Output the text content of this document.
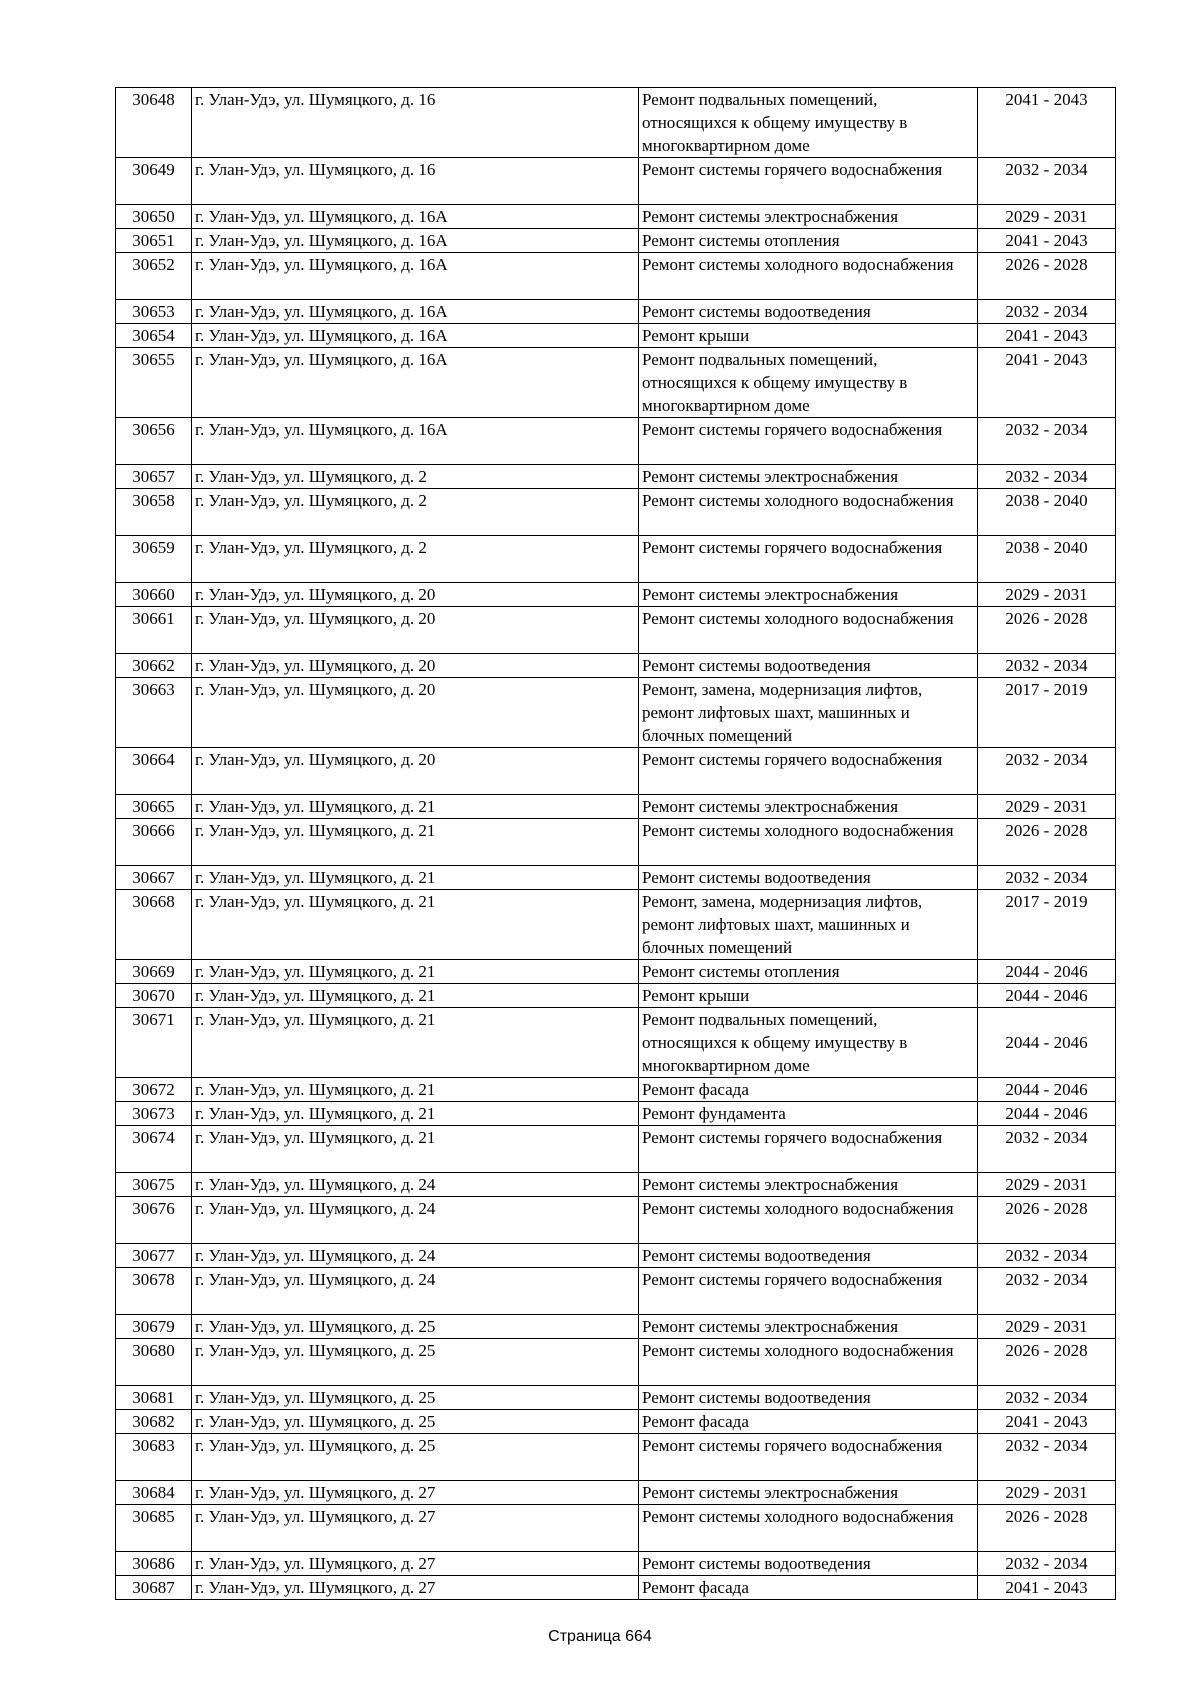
30648	г. Улан-Удэ, ул. Шумяцкого, д. 16	Ремонт подвальных помещений, относящихся к общему имуществу в многоквартирном доме	2041 - 2043
30649	г. Улан-Удэ, ул. Шумяцкого, д. 16	Ремонт системы горячего водоснабжения	2032 - 2034
30650	г. Улан-Удэ, ул. Шумяцкого, д. 16А	Ремонт системы электроснабжения	2029 - 2031
30651	г. Улан-Удэ, ул. Шумяцкого, д. 16А	Ремонт системы отопления	2041 - 2043
30652	г. Улан-Удэ, ул. Шумяцкого, д. 16А	Ремонт системы холодного водоснабжения	2026 - 2028
30653	г. Улан-Удэ, ул. Шумяцкого, д. 16А	Ремонт системы водоотведения	2032 - 2034
30654	г. Улан-Удэ, ул. Шумяцкого, д. 16А	Ремонт крыши	2041 - 2043
30655	г. Улан-Удэ, ул. Шумяцкого, д. 16А	Ремонт подвальных помещений, относящихся к общему имуществу в многоквартирном доме	2041 - 2043
30656	г. Улан-Удэ, ул. Шумяцкого, д. 16А	Ремонт системы горячего водоснабжения	2032 - 2034
30657	г. Улан-Удэ, ул. Шумяцкого, д. 2	Ремонт системы электроснабжения	2032 - 2034
30658	г. Улан-Удэ, ул. Шумяцкого, д. 2	Ремонт системы холодного водоснабжения	2038 - 2040
30659	г. Улан-Удэ, ул. Шумяцкого, д. 2	Ремонт системы горячего водоснабжения	2038 - 2040
30660	г. Улан-Удэ, ул. Шумяцкого, д. 20	Ремонт системы электроснабжения	2029 - 2031
30661	г. Улан-Удэ, ул. Шумяцкого, д. 20	Ремонт системы холодного водоснабжения	2026 - 2028
30662	г. Улан-Удэ, ул. Шумяцкого, д. 20	Ремонт системы водоотведения	2032 - 2034
30663	г. Улан-Удэ, ул. Шумяцкого, д. 20	Ремонт, замена, модернизация лифтов, ремонт лифтовых шахт, машинных и блочных помещений	2017 - 2019
30664	г. Улан-Удэ, ул. Шумяцкого, д. 20	Ремонт системы горячего водоснабжения	2032 - 2034
30665	г. Улан-Удэ, ул. Шумяцкого, д. 21	Ремонт системы электроснабжения	2029 - 2031
30666	г. Улан-Удэ, ул. Шумяцкого, д. 21	Ремонт системы холодного водоснабжения	2026 - 2028
30667	г. Улан-Удэ, ул. Шумяцкого, д. 21	Ремонт системы водоотведения	2032 - 2034
30668	г. Улан-Удэ, ул. Шумяцкого, д. 21	Ремонт, замена, модернизация лифтов, ремонт лифтовых шахт, машинных и блочных помещений	2017 - 2019
30669	г. Улан-Удэ, ул. Шумяцкого, д. 21	Ремонт системы отопления	2044 - 2046
30670	г. Улан-Удэ, ул. Шумяцкого, д. 21	Ремонт крыши	2044 - 2046
30671	г. Улан-Удэ, ул. Шумяцкого, д. 21	Ремонт подвальных помещений, относящихся к общему имуществу в многоквартирном доме	2044 - 2046
30672	г. Улан-Удэ, ул. Шумяцкого, д. 21	Ремонт фасада	2044 - 2046
30673	г. Улан-Удэ, ул. Шумяцкого, д. 21	Ремонт фундамента	2044 - 2046
30674	г. Улан-Удэ, ул. Шумяцкого, д. 21	Ремонт системы горячего водоснабжения	2032 - 2034
30675	г. Улан-Удэ, ул. Шумяцкого, д. 24	Ремонт системы электроснабжения	2029 - 2031
30676	г. Улан-Удэ, ул. Шумяцкого, д. 24	Ремонт системы холодного водоснабжения	2026 - 2028
30677	г. Улан-Удэ, ул. Шумяцкого, д. 24	Ремонт системы водоотведения	2032 - 2034
30678	г. Улан-Удэ, ул. Шумяцкого, д. 24	Ремонт системы горячего водоснабжения	2032 - 2034
30679	г. Улан-Удэ, ул. Шумяцкого, д. 25	Ремонт системы электроснабжения	2029 - 2031
30680	г. Улан-Удэ, ул. Шумяцкого, д. 25	Ремонт системы холодного водоснабжения	2026 - 2028
30681	г. Улан-Удэ, ул. Шумяцкого, д. 25	Ремонт системы водоотведения	2032 - 2034
30682	г. Улан-Удэ, ул. Шумяцкого, д. 25	Ремонт фасада	2041 - 2043
30683	г. Улан-Удэ, ул. Шумяцкого, д. 25	Ремонт системы горячего водоснабжения	2032 - 2034
30684	г. Улан-Удэ, ул. Шумяцкого, д. 27	Ремонт системы электроснабжения	2029 - 2031
30685	г. Улан-Удэ, ул. Шумяцкого, д. 27	Ремонт системы холодного водоснабжения	2026 - 2028
30686	г. Улан-Удэ, ул. Шумяцкого, д. 27	Ремонт системы водоотведения	2032 - 2034
30687	г. Улан-Удэ, ул. Шумяцкого, д. 27	Ремонт фасада	2041 - 2043
Страница 664
